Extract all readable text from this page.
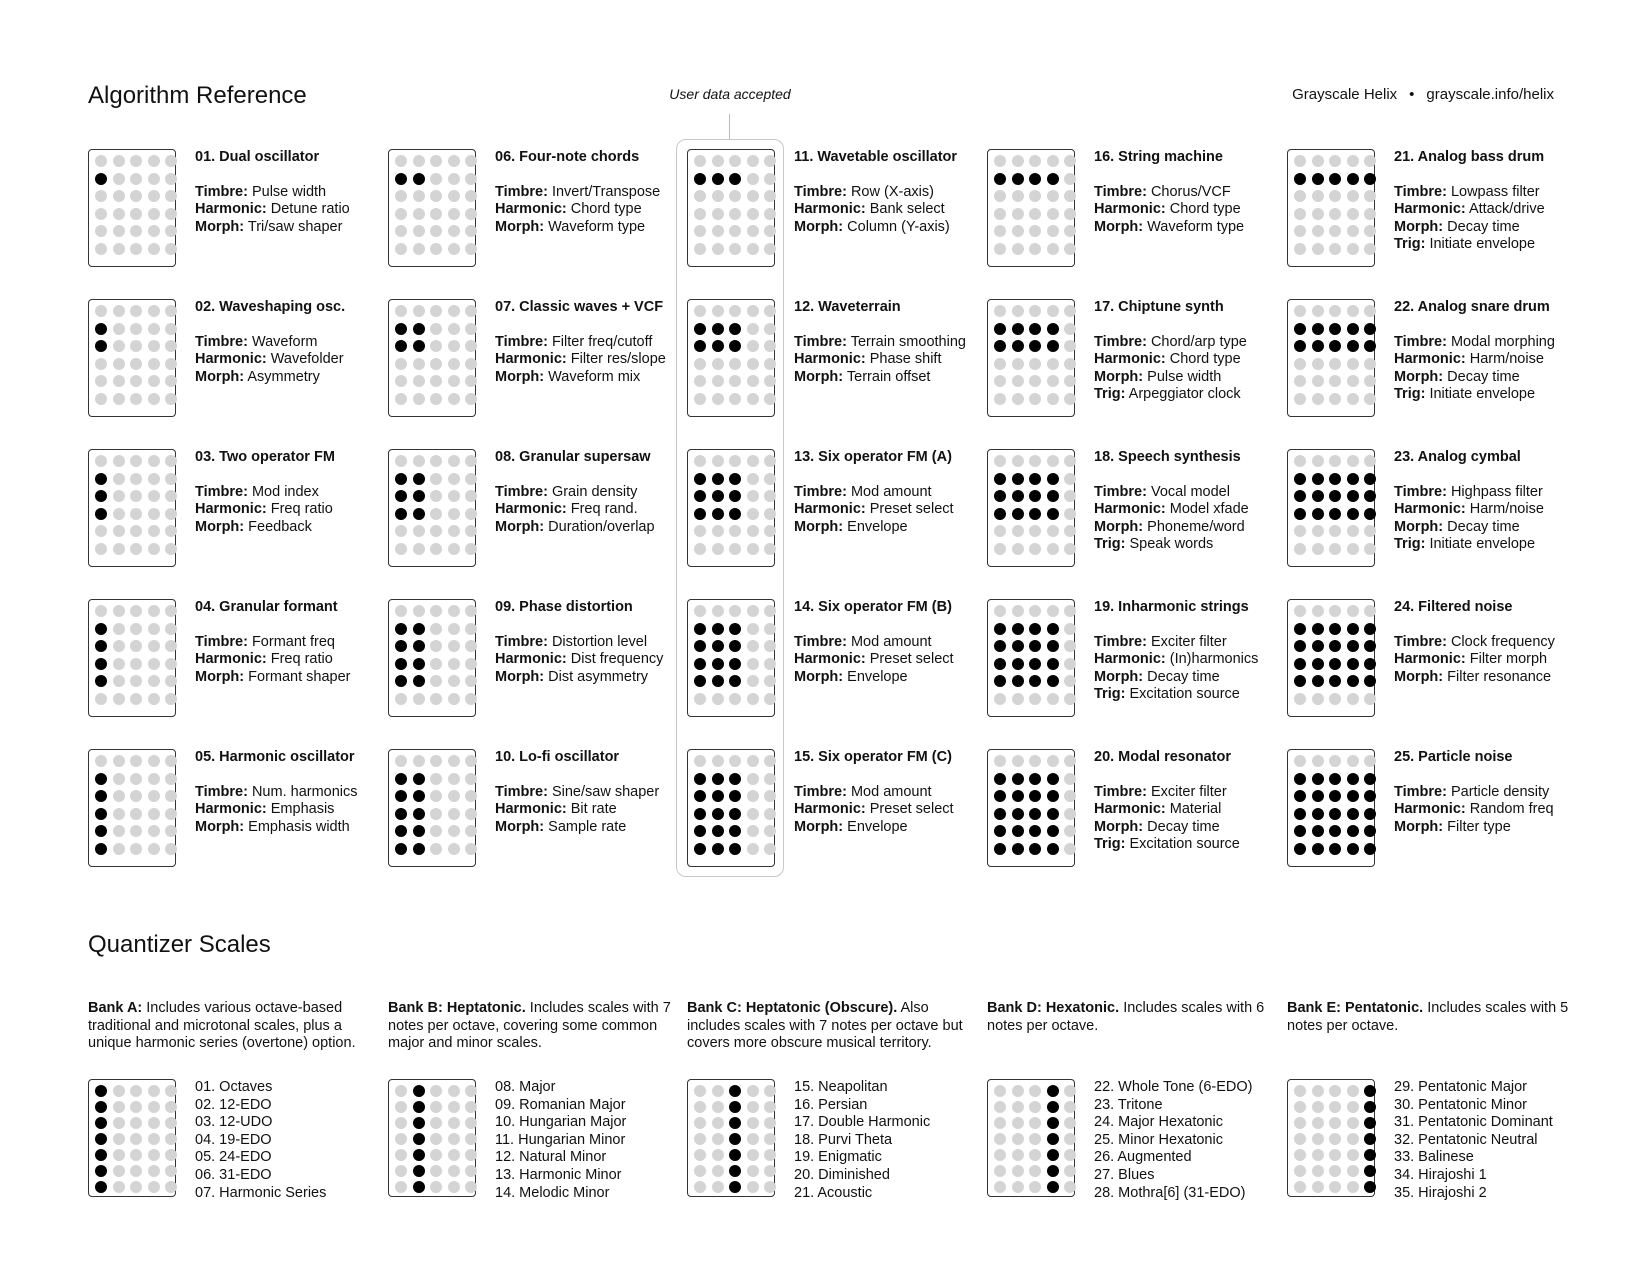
Algorithm Reference	User data accepted	Grayscale Helix • grayscale.info/helix
01. Dual oscillator
Timbre: Pulse width
Harmonic: Detune ratio
Morph: Tri/saw shaper
02. Waveshaping osc.
Timbre: Waveform
Harmonic: Wavefolder
Morph: Asymmetry
03. Two operator FM
Timbre: Mod index
Harmonic: Freq ratio
Morph: Feedback
04. Granular formant
Timbre: Formant freq
Harmonic: Freq ratio
Morph: Formant shaper
05. Harmonic oscillator
Timbre: Num. harmonics
Harmonic: Emphasis
Morph: Emphasis width
06. Four-note chords
Timbre: Invert/Transpose
Harmonic: Chord type
Morph: Waveform type
07. Classic waves + VCF
Timbre: Filter freq/cutoff
Harmonic: Filter res/slope
Morph: Waveform mix
08. Granular supersaw
Timbre: Grain density
Harmonic: Freq rand.
Morph: Duration/overlap
09. Phase distortion
Timbre: Distortion level
Harmonic: Dist frequency
Morph: Dist asymmetry
10. Lo-fi oscillator
Timbre: Sine/saw shaper
Harmonic: Bit rate
Morph: Sample rate
11. Wavetable oscillator
Timbre: Row (X-axis)
Harmonic: Bank select
Morph: Column (Y-axis)
12. Waveterrain
Timbre: Terrain smoothing
Harmonic: Phase shift
Morph: Terrain offset
13. Six operator FM (A)
Timbre: Mod amount
Harmonic: Preset select
Morph: Envelope
14. Six operator FM (B)
Timbre: Mod amount
Harmonic: Preset select
Morph: Envelope
15. Six operator FM (C)
Timbre: Mod amount
Harmonic: Preset select
Morph: Envelope
16. String machine
Timbre: Chorus/VCF
Harmonic: Chord type
Morph: Waveform type
17. Chiptune synth
Timbre: Chord/arp type
Harmonic: Chord type
Morph: Pulse width
Trig: Arpeggiator clock
18. Speech synthesis
Timbre: Vocal model
Harmonic: Model xfade
Morph: Phoneme/word
Trig: Speak words
19. Inharmonic strings
Timbre: Exciter filter
Harmonic: (In)harmonics
Morph: Decay time
Trig: Excitation source
20. Modal resonator
Timbre: Exciter filter
Harmonic: Material
Morph: Decay time
Trig: Excitation source
21. Analog bass drum
Timbre: Lowpass filter
Harmonic: Attack/drive
Morph: Decay time
Trig: Initiate envelope
22. Analog snare drum
Timbre: Modal morphing
Harmonic: Harm/noise
Morph: Decay time
Trig: Initiate envelope
23. Analog cymbal
Timbre: Highpass filter
Harmonic: Harm/noise
Morph: Decay time
Trig: Initiate envelope
24. Filtered noise
Timbre: Clock frequency
Harmonic: Filter morph
Morph: Filter resonance
25. Particle noise
Timbre: Particle density
Harmonic: Random freq
Morph: Filter type
Quantizer Scales
Bank A: Includes various octave-based traditional and microtonal scales, plus a unique harmonic series (overtone) option.
01. Octaves
02. 12-EDO
03. 12-UDO
04. 19-EDO
05. 24-EDO
06. 31-EDO
07. Harmonic Series
Bank B: Heptatonic. Includes scales with 7 notes per octave, covering some common major and minor scales.
08. Major
09. Romanian Major
10. Hungarian Major
11. Hungarian Minor
12. Natural Minor
13. Harmonic Minor
14. Melodic Minor
Bank C: Heptatonic (Obscure). Also includes scales with 7 notes per octave but covers more obscure musical territory.
15. Neapolitan
16. Persian
17. Double Harmonic
18. Purvi Theta
19. Enigmatic
20. Diminished
21. Acoustic
Bank D: Hexatonic. Includes scales with 6 notes per octave.
22. Whole Tone (6-EDO)
23. Tritone
24. Major Hexatonic
25. Minor Hexatonic
26. Augmented
27. Blues
28. Mothra[6] (31-EDO)
Bank E: Pentatonic. Includes scales with 5 notes per octave.
29. Pentatonic Major
30. Pentatonic Minor
31. Pentatonic Dominant
32. Pentatonic Neutral
33. Balinese
34. Hirajoshi 1
35. Hirajoshi 2
